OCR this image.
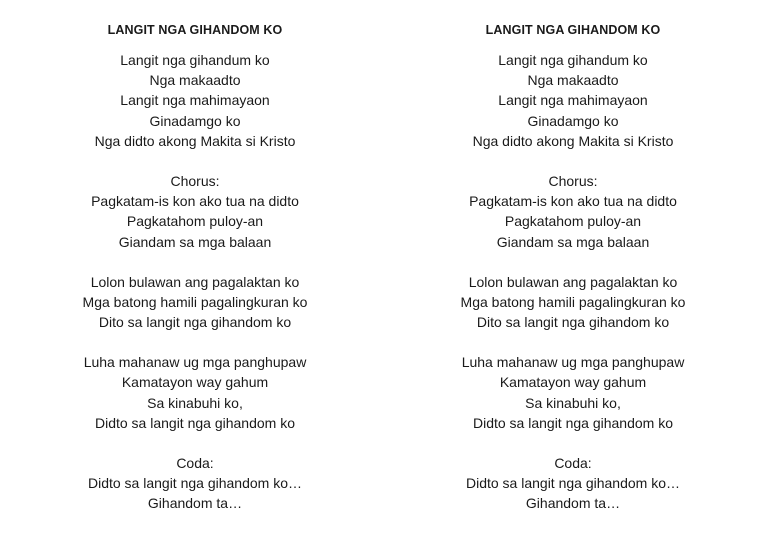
LANGIT NGA GIHANDOM KO
Langit nga gihandum ko
Nga makaadto
Langit nga mahimayaon
Ginadamgo ko
Nga didto akong Makita si Kristo
Chorus:
Pagkatam-is kon ako tua na didto
Pagkatahom puloy-an
Giandam sa mga balaan
Lolon bulawan ang pagalaktan ko
Mga batong hamili pagalingkuran ko
Dito sa langit nga gihandom ko
Luha mahanaw ug mga panghupaw
Kamatayon way gahum
Sa kinabuhi ko,
Didto sa langit nga gihandom ko
Coda:
Didto sa langit nga gihandom ko…
Gihandom ta…
LANGIT NGA GIHANDOM KO
Langit nga gihandum ko
Nga makaadto
Langit nga mahimayaon
Ginadamgo ko
Nga didto akong Makita si Kristo
Chorus:
Pagkatam-is kon ako tua na didto
Pagkatahom puloy-an
Giandam sa mga balaan
Lolon bulawan ang pagalaktan ko
Mga batong hamili pagalingkuran ko
Dito sa langit nga gihandom ko
Luha mahanaw ug mga panghupaw
Kamatayon way gahum
Sa kinabuhi ko,
Didto sa langit nga gihandom ko
Coda:
Didto sa langit nga gihandom ko…
Gihandom ta…
